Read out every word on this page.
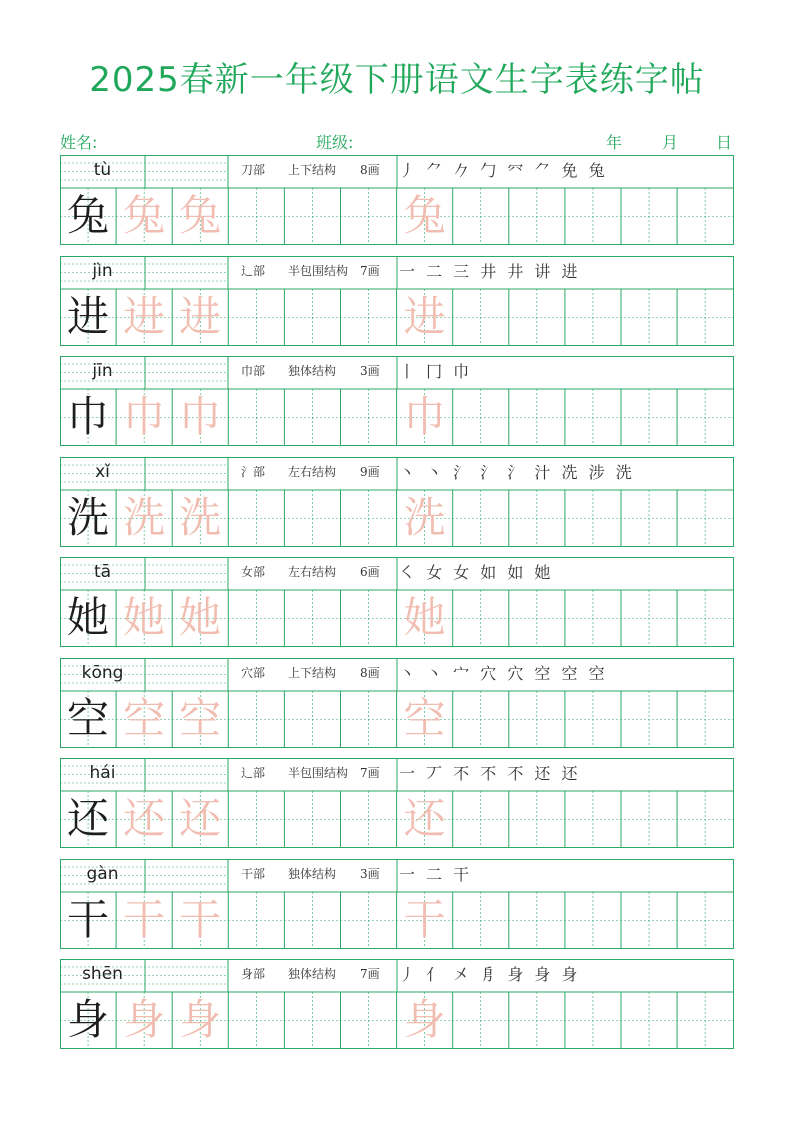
2025春新一年级下册语文生字表练字帖
姓名:	班级:	年 月 日
tù	刀部 上下结构 8画 丿 ⺈ 𠂊 勹 㓁 ⺈ 免 兔
兔 兔 兔	兔
jìn	辶部 半包围结构 7画 一 二 三 井 井 讲 进
进 进 进	进
jīn	巾部 独体结构 3画 丨 冂 巾
巾 巾 巾	巾
xǐ	氵部 左右结构 9画 丶 丶 氵 氵 氵 汁 冼 涉 洗
洗 洗 洗	洗
tā	女部 左右结构 6画 ㇛ 女 女 如 如 她
她 她 她	她
kōng	穴部 上下结构 8画 丶 丶 宀 穴 穴 空 空 空
空 空 空	空
hái	辶部 半包围结构 7画 一 丆 不 不 不 还 还
还 还 还	还
gàn	干部 独体结构 3画 一 二 干
干 干 干	干
shēn	身部 独体结构 7画 丿 亻 㐅 㐆 身 身 身
身 身 身	身
